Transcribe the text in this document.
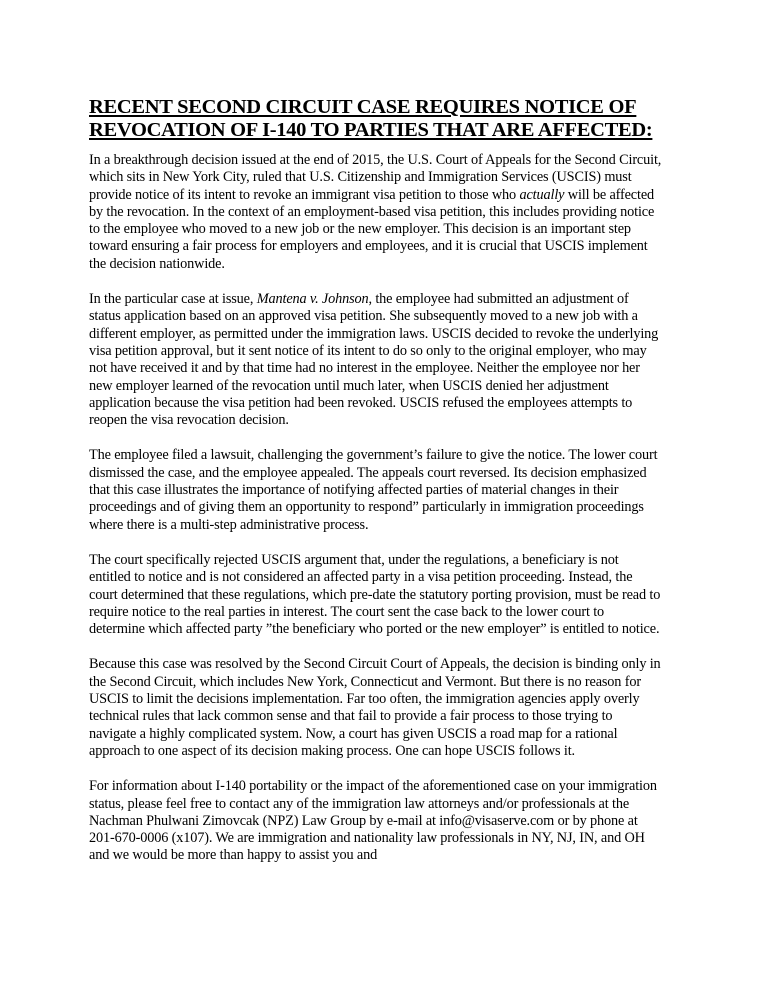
RECENT SECOND CIRCUIT CASE REQUIRES NOTICE OF
REVOCATION OF I-140 TO PARTIES THAT ARE AFFECTED:

In a breakthrough decision issued at the end of 2015, the U.S. Court of Appeals for the Second Circuit, which sits in New York City, ruled that U.S. Citizenship and Immigration Services (USCIS) must provide notice of its intent to revoke an immigrant visa petition to those who actually will be affected by the revocation. In the context of an employment-based visa petition, this includes providing notice to the employee who moved to a new job or the new employer. This decision is an important step toward ensuring a fair process for employers and employees, and it is crucial that USCIS implement the decision nationwide.

In the particular case at issue, Mantena v. Johnson, the employee had submitted an adjustment of status application based on an approved visa petition. She subsequently moved to a new job with a different employer, as permitted under the immigration laws. USCIS decided to revoke the underlying visa petition approval, but it sent notice of its intent to do so only to the original employer, who may not have received it and by that time had no interest in the employee. Neither the employee nor her new employer learned of the revocation until much later, when USCIS denied her adjustment application because the visa petition had been revoked. USCIS refused the employees attempts to reopen the visa revocation decision.

The employee filed a lawsuit, challenging the government’s failure to give the notice. The lower court dismissed the case, and the employee appealed. The appeals court reversed. Its decision emphasized that this case illustrates the importance of notifying affected parties of material changes in their proceedings and of giving them an opportunity to respond” particularly in immigration proceedings where there is a multi-step administrative process.

The court specifically rejected USCIS argument that, under the regulations, a beneficiary is not entitled to notice and is not considered an affected party in a visa petition proceeding. Instead, the court determined that these regulations, which pre-date the statutory porting provision, must be read to require notice to the real parties in interest. The court sent the case back to the lower court to determine which affected party ”the beneficiary who ported or the new employer” is entitled to notice.

Because this case was resolved by the Second Circuit Court of Appeals, the decision is binding only in the Second Circuit, which includes New York, Connecticut and Vermont. But there is no reason for USCIS to limit the decisions implementation. Far too often, the immigration agencies apply overly technical rules that lack common sense and that fail to provide a fair process to those trying to navigate a highly complicated system. Now, a court has given USCIS a road map for a rational approach to one aspect of its decision making process. One can hope USCIS follows it.

For information about I-140 portability or the impact of the aforementioned case on your immigration status, please feel free to contact any of the immigration law attorneys and/or professionals at the Nachman Phulwani Zimovcak (NPZ) Law Group by e-mail at info@visaserve.com or by phone at 201-670-0006 (x107). We are immigration and nationality law professionals in NY, NJ, IN, and OH and we would be more than happy to assist you and
